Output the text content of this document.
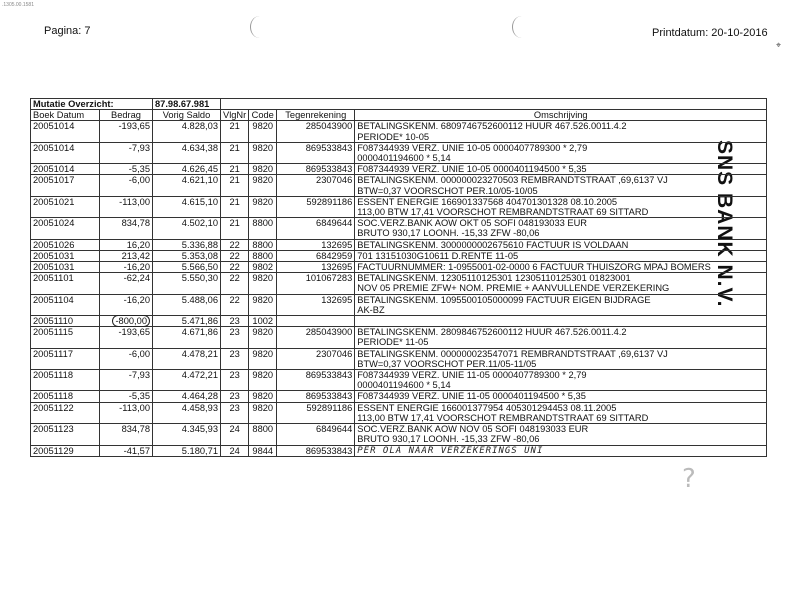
.1305.00.1581
Pagina: 7	Printdatum: 20-10-2016
⌖
SNS BANK N.V.
Mutatie Overzicht:		87.98.67.981				
Boek Datum	Bedrag	Vorig Saldo	VlgNr	Code	Tegenrekening	Omschrijving
20051014	-193,65	4.828,03	21	9820	285043900	BETALINGSKENM. 6809746752600112 HUUR 467.526.0011.4.2
PERIODE* 10-05

20051014	-7,93	4.634,38	21	9820	869533843	F087344939 VERZ. UNIE 10-05 0000407789300 * 2,79
0000401194600 * 5,14

20051014	-5,35	4.626,45	21	9820	869533843	F087344939 VERZ. UNIE 10-05 0000401194500 * 5,35

20051017	-6,00	4.621,10	21	9820	2307046	BETALINGSKENM. 000000023270503 REMBRANDTSTRAAT ,69,6137 VJ
BTW=0,37 VOORSCHOT PER.10/05-10/05

20051021	-113,00	4.615,10	21	9820	592891186	ESSENT ENERGIE 166901337568 404701301328 08.10.2005
113,00 BTW 17,41 VOORSCHOT REMBRANDTSTRAAT 69 SITTARD

20051024	834,78	4.502,10	21	8800	6849644	SOC.VERZ.BANK AOW OKT 05 SOFI 048193033 EUR
BRUTO 930,17 LOONH. -15,33 ZFW -80,06

20051026	16,20	5.336,88	22	8800	132695	BETALINGSKENM. 3000000002675610 FACTUUR IS VOLDAAN

20051031	213,42	5.353,08	22	8800	6842959	701 13151030G10611 D.RENTE 11-05

20051031	-16,20	5.566,50	22	9802	132695	FACTUURNUMMER: 1-0955001-02-0000 6 FACTUUR THUISZORG MPAJ BOMERS

20051101	-62,24	5.550,30	22	9820	101067283	BETALINGSKENM. 12305110125301 12305110125301 01823001
NOV 05 PREMIE ZFW+ NOM. PREMIE + AANVULLENDE VERZEKERING

20051104	-16,20	5.488,06	22	9820	132695	BETALINGSKENM. 1095500105000099 FACTUUR EIGEN BIJDRAGE
AK-BZ

20051110	-800,00	5.471,86	23	1002		

20051115	-193,65	4.671,86	23	9820	285043900	BETALINGSKENM. 2809846752600112 HUUR 467.526.0011.4.2
PERIODE* 11-05

20051117	-6,00	4.478,21	23	9820	2307046	BETALINGSKENM. 000000023547071 REMBRANDTSTRAAT ,69,6137 VJ
BTW=0,37 VOORSCHOT PER.11/05-11/05

20051118	-7,93	4.472,21	23	9820	869533843	F087344939 VERZ. UNIE 11-05 0000407789300 * 2,79
0000401194600 * 5,14

20051118	-5,35	4.464,28	23	9820	869533843	F087344939 VERZ. UNIE 11-05 0000401194500 * 5,35

20051122	-113,00	4.458,93	23	9820	592891186	ESSENT ENERGIE 166001377954 405301294453 08.11.2005
113,00 BTW 17,41 VOORSCHOT REMBRANDTSTRAAT 69 SITTARD

20051123	834,78	4.345,93	24	8800	6849644	SOC.VERZ.BANK AOW NOV 05 SOFI 048193033 EUR
BRUTO 930,17 LOONH. -15,33 ZFW -80,06

20051129	-41,57	5.180,71	24	9844	869533843	PER OLA NAAR VERZEKERINGS UNI
?
